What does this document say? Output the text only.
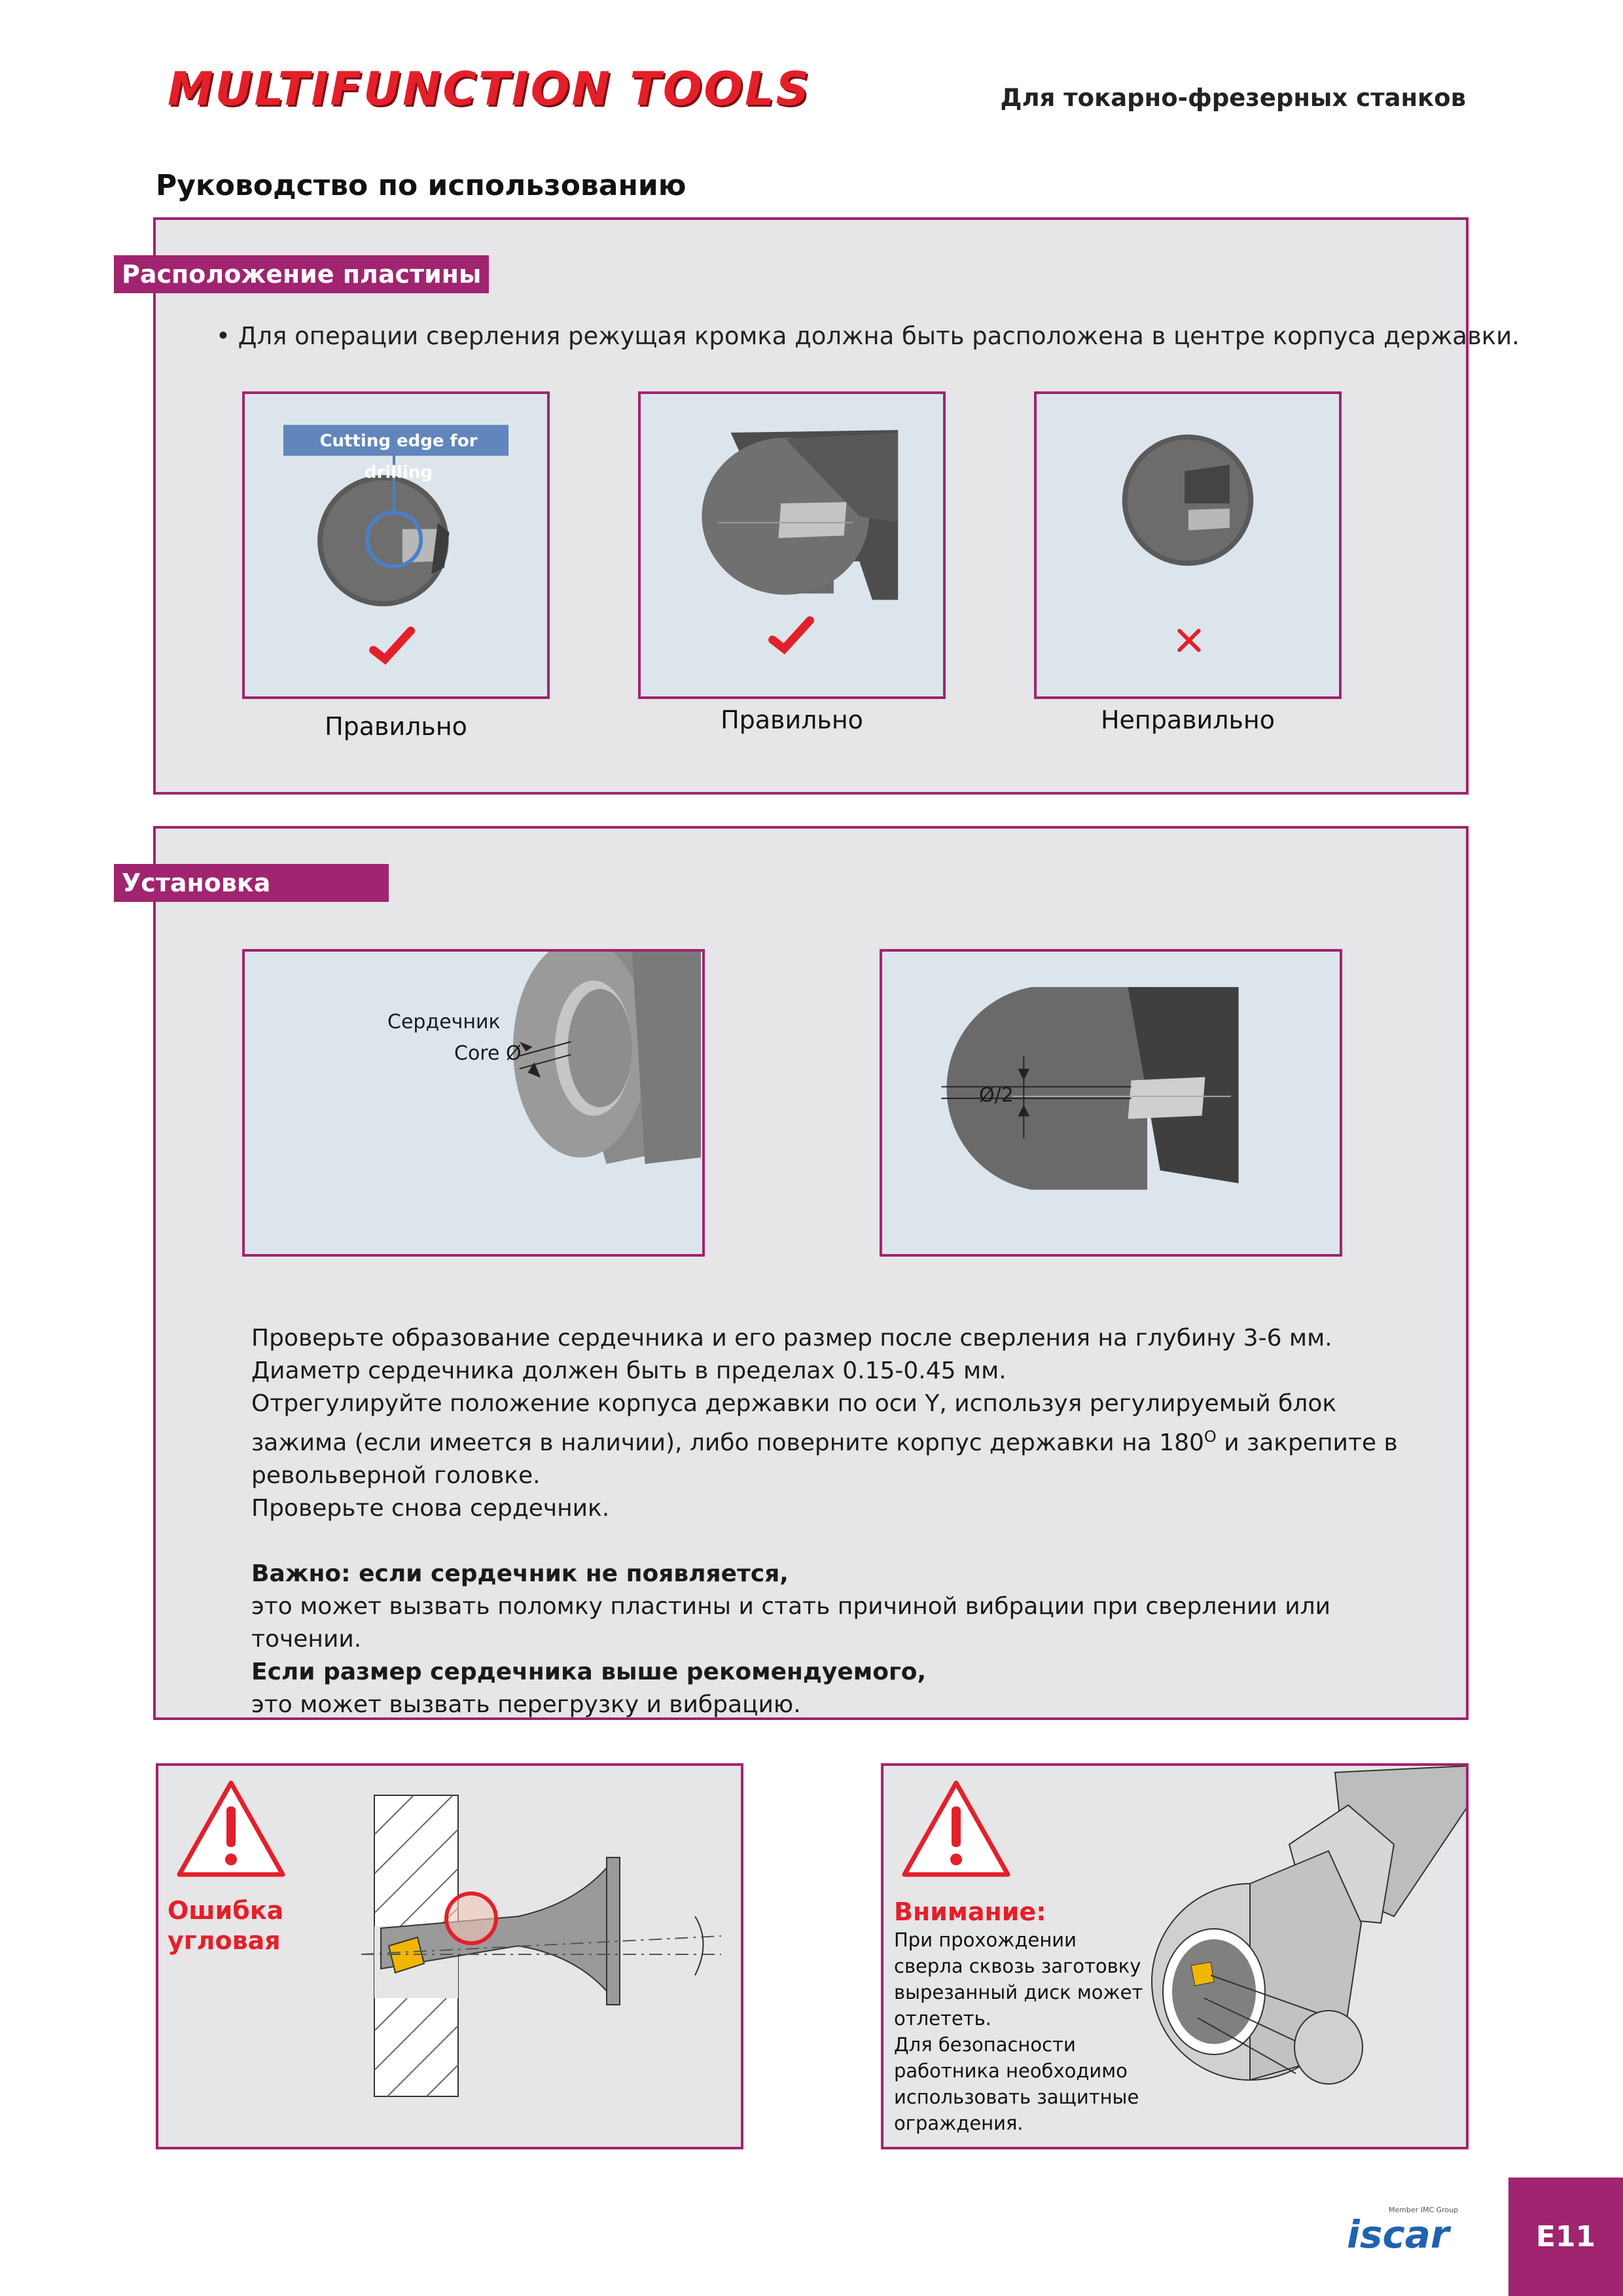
MULTIFUNCTION TOOLS	Для токарно-фрезерных станков
Руководство по использованию
Расположение пластины
• Для операции сверления режущая кромка должна быть расположена в центре корпуса державки.
Cutting edge for drilling
Правильно	Правильно	Неправильно
Установка
Сердечник
Core Ø
Ø/2

Проверьте образование сердечника и его размер после сверления на глубину 3-6 мм.

Диаметр сердечника должен быть в пределах 0.15-0.45 мм.

Отрегулируйте положение корпуса державки по оси Y, используя регулируемый блок зажима (если имеется в наличии), либо поверните корпус державки на $180^O$ и закрепите в револьверной головке.

Проверьте снова сердечник.

Важно: если сердечник не появляется,

это может вызвать поломку пластины и стать причиной вибрации при сверлении или точении.

Если размер сердечника выше рекомендуемого,

это может вызвать перегрузку и вибрацию.

Ошибка
угловая
Внимание:
При прохождении
сверла сквозь заготовку
вырезанный диск может
отлететь.
Для безопасности
работника необходимо
использовать защитные
ограждения.
Member IMC Group
iscar	E11
